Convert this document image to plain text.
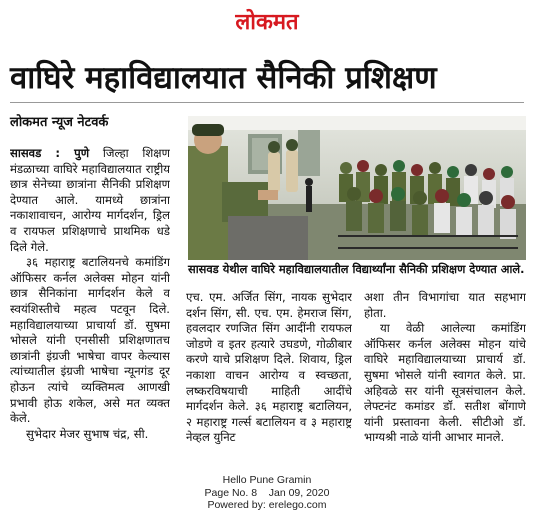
लोकमत
वाघिरे महाविद्यालयात सैनिकी प्रशिक्षण
लोकमत न्यूज नेटवर्क

सासवड : पुणे जिल्हा शिक्षण मंडळाच्या वाघिरे महाविद्यालयात राष्ट्रीय छात्र सेनेच्या छात्रांना सैनिकी प्रशिक्षण देण्यात आले. यामध्ये छात्रांना नकाशावाचन, आरोग्य मार्गदर्शन, ड्रिल व रायफल प्रशिक्षणाचे प्राथमिक धडे दिले गेले.

३६ महाराष्ट्र बटालियनचे कमांडिंग ऑफिसर कर्नल अलेक्स मोहन यांनी छात्र सैनिकांना मार्गदर्शन केले व स्वयंशिस्तीचे महत्व पटवून दिले. महाविद्यालयाच्या प्राचार्या डॉ. सुषमा भोसले यांनी एनसीसी प्रशिक्षणातच छात्रांनी इंग्रजी भाषेचा वापर केल्यास त्यांच्यातील इंग्रजी भाषेचा न्यूनगंड दूर होऊन त्यांचे व्यक्तिमत्व आणखी प्रभावी होऊ शकेल, असे मत व्यक्त केले.

सुभेदार मेजर सुभाष चंद्र, सी.

सासवड येथील वाघिरे महाविद्यालयातील विद्यार्थ्यांना सैनिकी प्रशिक्षण देण्यात आले.

एच. एम. अर्जित सिंग, नायक सुभेदार दर्शन सिंग, सी. एच. एम. हेमराज सिंग, हवलदार रणजित सिंग आदींनी रायफल जोडणे व इतर हत्यारे उघडणे, गोळीबार करणे याचे प्रशिक्षण दिले. शिवाय, ड्रिल नकाशा वाचन आरोग्य व स्वच्छता, लष्करविषयाची माहिती आदींचे मार्गदर्शन केले. ३६ महाराष्ट्र बटालियन, २ महाराष्ट्र गर्ल्स बटालियन व ३ महाराष्ट्र नेव्हल युनिट

अशा तीन विभागांचा यात सहभाग होता.

या वेळी आलेल्या कमांडिंग ऑफिसर कर्नल अलेक्स मोहन यांचे वाघिरे महाविद्यालयाच्या प्राचार्य डॉ. सुषमा भोसले यांनी स्वागत केले. प्रा. अहिवळे सर यांनी सूत्रसंचालन केले. लेफ्टनंट कमांडर डॉ. सतीश बोंगाणे यांनी प्रस्तावना केली. सीटीओ डॉ. भाग्यश्री नाळे यांनी आभार मानले.

Hello Pune Gramin
Page No. 8    Jan 09, 2020
Powered by: erelego.com
